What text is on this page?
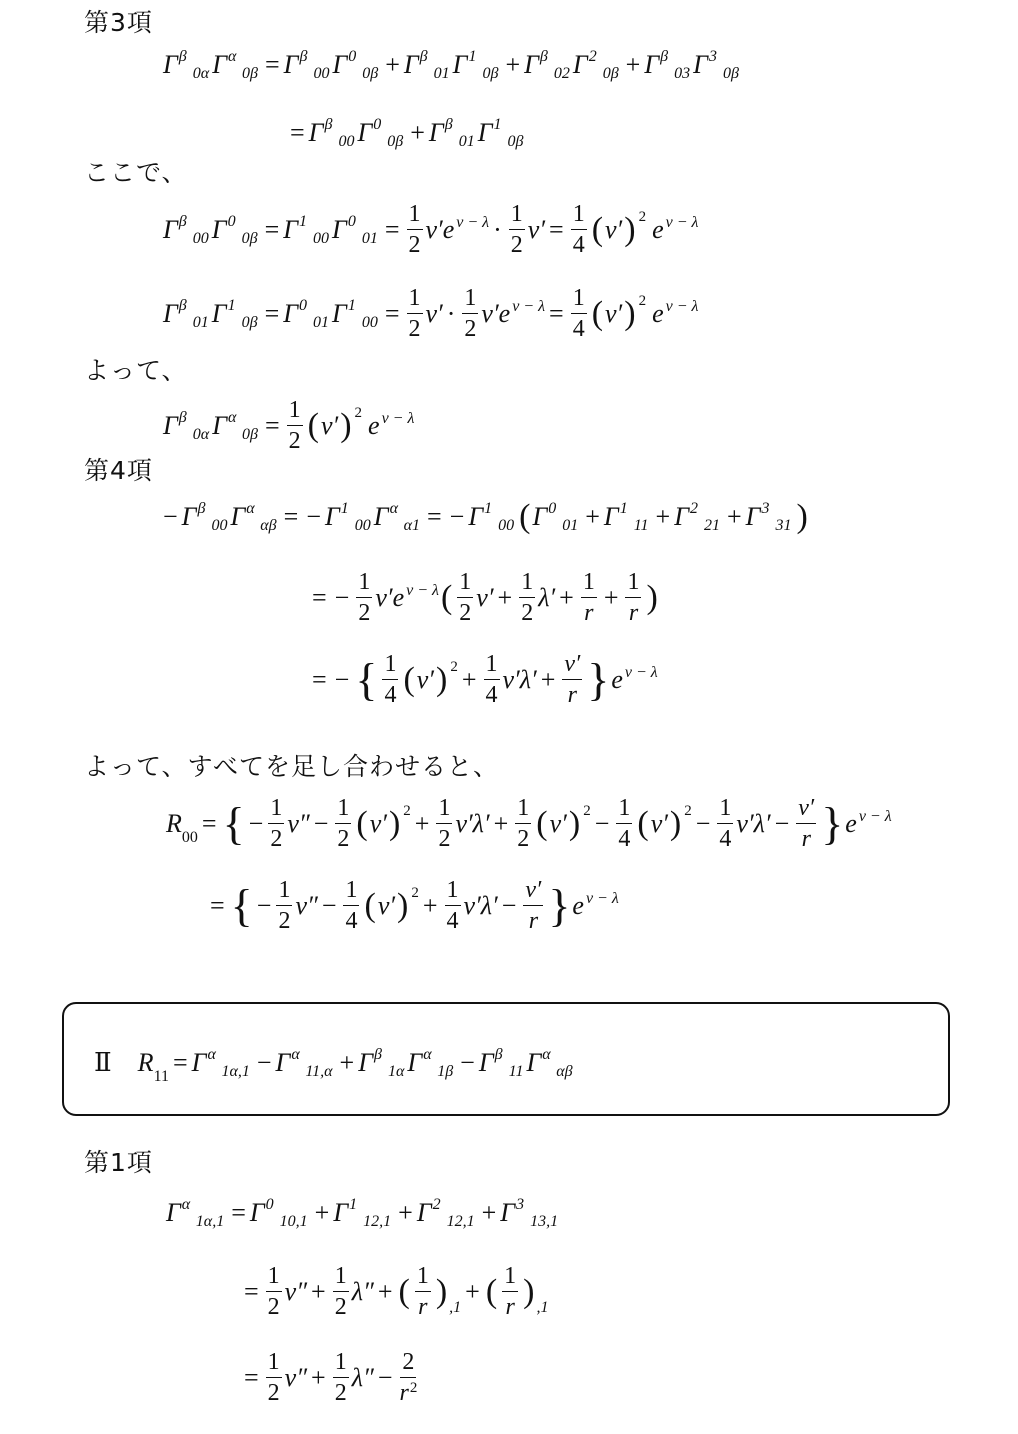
第3項
Γ β
0α Γ α
0β = Γ β
00 Γ 0
0β + Γ β
01 Γ 1
0β + Γ β
02 Γ 2
0β + Γ β
03 Γ 3
0β
= Γ β
00 Γ 0
0β + Γ β
01 Γ 1
0β
ここで、
Γ β
00 Γ 0
0β = Γ 1
00 Γ 0
$01 = \frac{1}{2} \nu'e$ $^{\nu - \lambda} \cdot \frac{1}{2} \nu' = \frac{1}{4}$ ( ν′ ) 2 e $^{\nu - \lambda}$
Γ β
01 Γ 1
0β = Γ 0
01 Γ 1
$00 = \frac{1}{2} \nu' \cdot \frac{1}{2} \nu'e$ $^{\nu - \lambda} = \frac{1}{4}$ ( ν′ ) 2 e $^{\nu - \lambda}$
よって、
Γ β
0α Γ α
$0\beta = \frac{1}{2}$ ( ν′ ) 2 e $^{\nu - \lambda}$
第4項
− Γ β
00 Γ α
αβ = − Γ 1
00 Γ α
α1 = − Γ 1
00 ( Γ 0
01 + Γ 1
11 + Γ 2
21 + Γ 3
31 )
= − $\frac{1}{2} \nu'e$ $^{\nu - \lambda}$ ( $\frac{1}{2} \nu' + \frac{1}{2} \lambda' + \frac{1}{r} + \frac{1}{r}$ )
= − { $\frac{1}{4}$ ( ν′ ) $2 + \frac{1}{4} \nu'\lambda' + \frac{\nu'}{r}$ } e $^{\nu - \lambda}$
よって、すべてを足し合わせると、
$R_{00}$ = { − $\frac{1}{2} \nu'' - \frac{1}{2}$ ( ν′ ) $2 + \frac{1}{2} \nu'\lambda' + \frac{1}{2}$ ( ν′ ) $2 - \frac{1}{4}$ ( ν′ ) $2 - \frac{1}{4} \nu'\lambda' - \frac{\nu'}{r}$ } e $^{\nu - \lambda}$
= { − $\frac{1}{2} \nu'' - \frac{1}{4}$ ( ν′ ) $2 + \frac{1}{4} \nu'\lambda' - \frac{\nu'}{r}$ } e $^{\nu - \lambda}$
Ⅱ $R_{11} = \Gamma$ α
1α,1 − Γ α
11,α + Γ β
1α Γ α
1β − Γ β
11 Γ α
αβ
第1項
Γ α
1α,1 = Γ 0
10,1 + Γ 1
12,1 + Γ 2
12,1 + Γ 3
13,1
= $\frac{1}{2} \nu'' + \frac{1}{2} \lambda''$ + ( $\frac{1}{r}$ ) ,1
+ ( $\frac{1}{r}$ ) ,1
= $\frac{1}{2} \nu'' + \frac{1}{2} \lambda'' - \frac{2}{r^2}$
